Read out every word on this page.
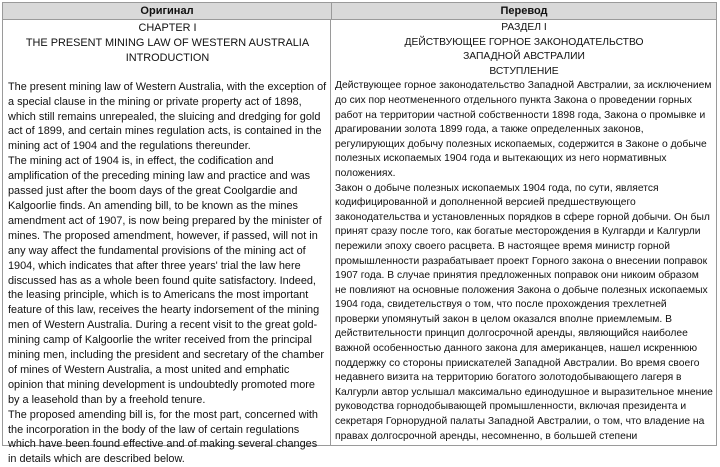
Оригинал	Перевод
CHAPTER I
THE PRESENT MINING LAW OF WESTERN AUSTRALIA
INTRODUCTION

The present mining law of Western Australia, with the exception of a special clause in the mining or private property act of 1898, which still remains unrepealed, the sluicing and dredging for gold act of 1899, and certain mines regulation acts, is contained in the mining act of 1904 and the regulations thereunder.

The mining act of 1904 is, in effect, the codification and amplification of the preceding mining law and practice and was passed just after the boom days of the great Coolgardie and Kalgoorlie finds. An amending bill, to be known as the mines amendment act of 1907, is now being prepared by the minister of mines. The proposed amendment, however, if passed, will not in any way affect the fundamental provisions of the mining act of 1904, which indicates that after three years' trial the law here discussed has as a whole been found quite satisfactory. Indeed, the leasing principle, which is to Americans the most important feature of this law, receives the hearty indorsement of the mining men of Western Australia. During a recent visit to the great gold-mining camp of Kalgoorlie the writer received from the principal mining men, including the president and secretary of the chamber of mines of Western Australia, a most united and emphatic opinion that mining development is undoubtedly promoted more by a leasehold than by a freehold tenure.

The proposed amending bill is, for the most part, concerned with the incorporation in the body of the law of certain regulations which have been found effective and of making several changes in details which are described below.

РАЗДЕЛ I
ДЕЙСТВУЮЩЕЕ ГОРНОЕ ЗАКОНОДАТЕЛЬСТВО
ЗАПАДНОЙ АВСТРАЛИИ
ВСТУПЛЕНИЕ

Действующее горное законодательство Западной Австралии, за исключением до сих пор неотмененного отдельного пункта Закона о проведении горных работ на территории частной собственности 1898 года, Закона о промывке и драгировании золота 1899 года, а также определенных законов, регулирующих добычу полезных ископаемых, содержится в Законе о добыче полезных ископаемых 1904 года и вытекающих из него нормативных положениях.

Закон о добыче полезных ископаемых 1904 года, по сути, является кодифицированной и дополненной версией предшествующего законодательства и установленных порядков в сфере горной добычи. Он был принят сразу после того, как богатые месторождения в Кулгарди и Калгурли пережили эпоху своего расцвета. В настоящее время министр горной промышленности разрабатывает проект Горного закона о внесении поправок 1907 года. В случае принятия предложенных поправок они никоим образом не повлияют на основные положения Закона о добыче полезных ископаемых 1904 года, свидетельствуя о том, что после прохождения трехлетней проверки упомянутый закон в целом оказался вполне приемлемым. В действительности принцип долгосрочной аренды, являющийся наиболее важной особенностью данного закона для американцев, нашел искреннюю поддержку со стороны приискателей Западной Австралии. Во время своего недавнего визита на территорию богатого золотодобывающего лагеря в Калгурли автор услышал максимально единодушное и выразительное мнение руководства горнодобывающей промышленности, включая президента и секретаря Горнорудной палаты Западной Австралии, о том, что владение на правах долгосрочной аренды, несомненно, в большей степени
